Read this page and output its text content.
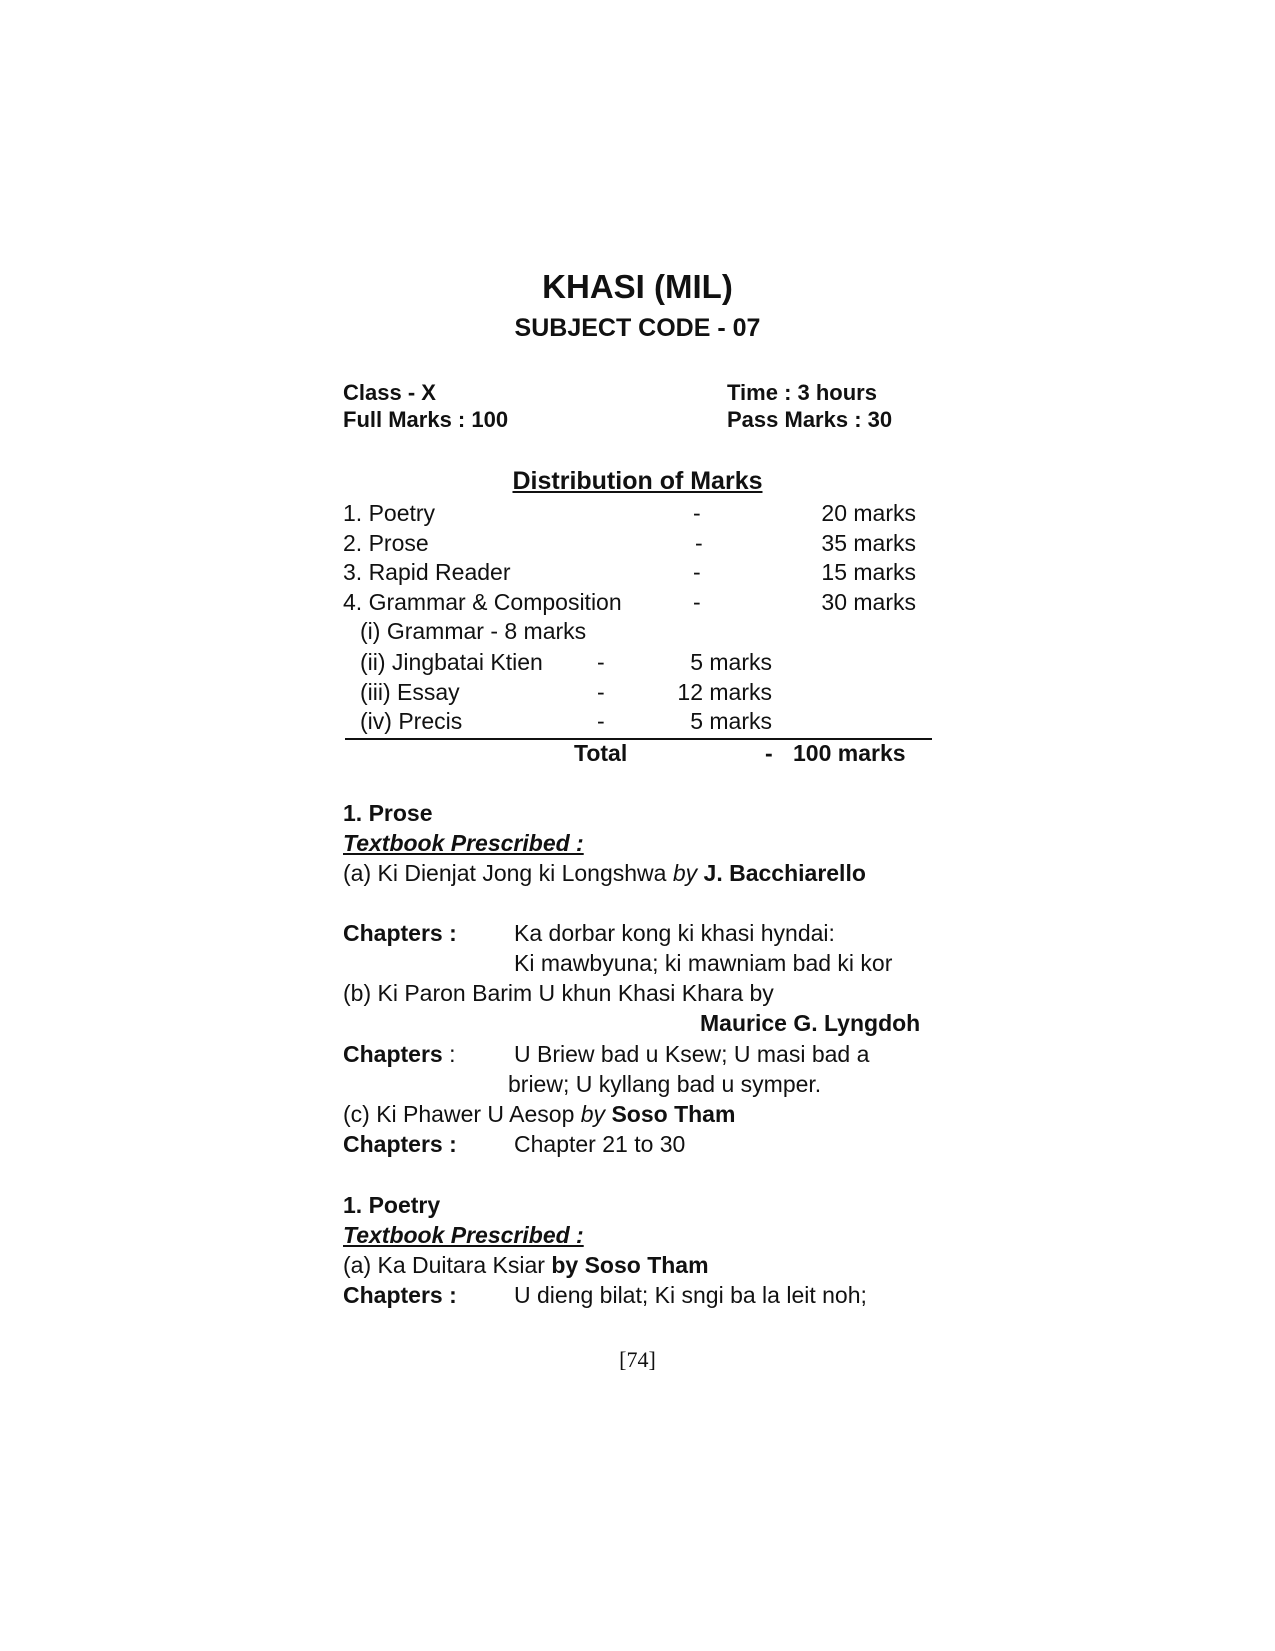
KHASI (MIL)
SUBJECT CODE - 07
Class - X	Time : 3 hours
Full Marks : 100	Pass Marks : 30
Distribution of Marks
1. Poetry	-	20 marks
2. Prose	-	35 marks
3. Rapid Reader	-	15 marks
4. Grammar & Composition	-	30 marks
(i) Grammar - 8 marks
(ii) Jingbatai Ktien -	5 marks
(iii) Essay	-	12 marks
(iv) Precis	-	5 marks
Total	- 100 marks
1. Prose
Textbook Prescribed :
(a) Ki Dienjat Jong ki Longshwa by J. Bacchiarello
Chapters : Ka dorbar kong ki khasi hyndai:
Ki mawbyuna; ki mawniam bad ki kor
(b) Ki Paron Barim U khun Khasi Khara by
Maurice G. Lyngdoh
Chapters :	U Briew bad u Ksew; U masi bad a
briew; U kyllang bad u symper.
(c) Ki Phawer U Aesop by Soso Tham
Chapters : Chapter 21 to 30
1. Poetry
Textbook Prescribed :
(a) Ka Duitara Ksiar by Soso Tham
Chapters : U dieng bilat; Ki sngi ba la leit noh;
[74]
